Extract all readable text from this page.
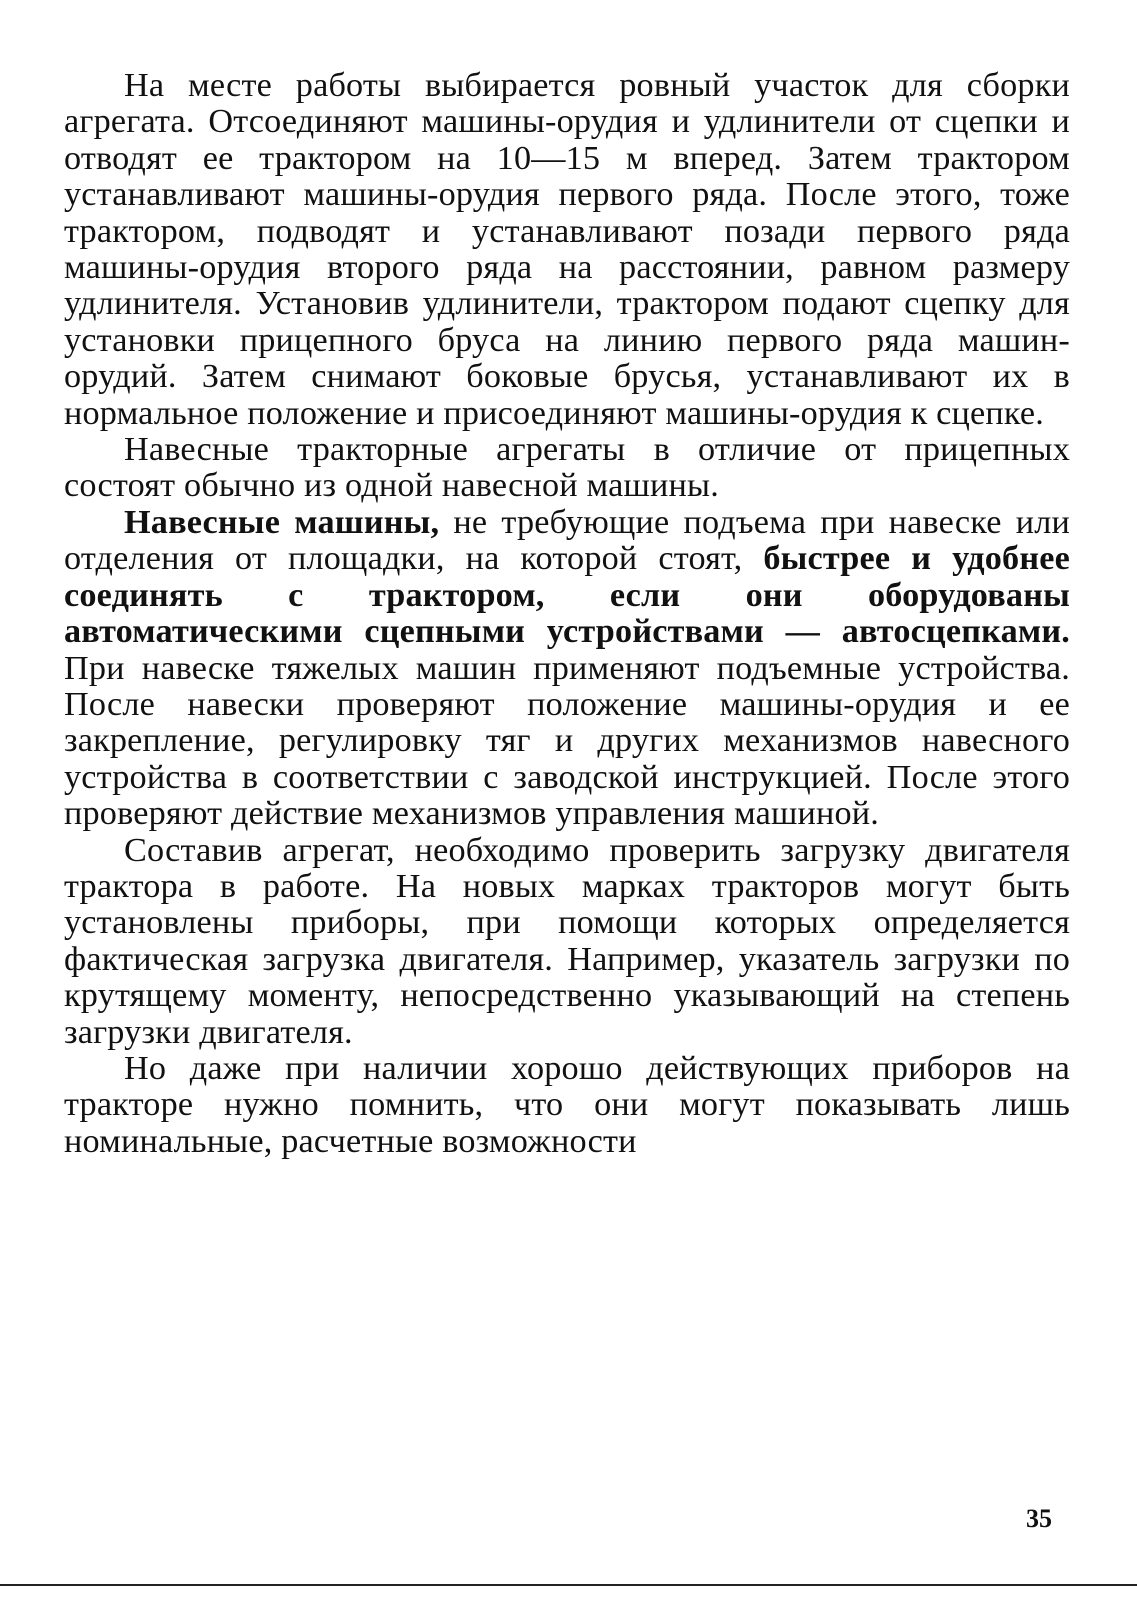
На месте работы выбирается ровный участок для сборки агрегата. Отсоединяют машины-орудия и удлинители от сцепки и отводят ее трактором на 10—15 м вперед. Затем трактором устанавливают машины-орудия первого ряда. После этого, тоже трактором, подводят и устанавливают позади первого ряда машины-орудия второго ряда на расстоянии, равном размеру удлинителя. Установив удлинители, трактором подают сцепку для установки прицепного бруса на линию первого ряда машин-орудий. Затем снимают боковые брусья, устанавливают их в нормальное положение и присоединяют машины-орудия к сцепке.

Навесные тракторные агрегаты в отличие от прицепных состоят обычно из одной навесной машины.

Навесные машины, не требующие подъема при навеске или отделения от площадки, на которой стоят, быстрее и удобнее соединять с трактором, если они оборудованы автоматическими сцепными устройствами — автосцепками. При навеске тяжелых машин применяют подъемные устройства. После навески проверяют положение машины-орудия и ее закрепление, регулировку тяг и других механизмов навесного устройства в соответствии с заводской инструкцией. После этого проверяют действие механизмов управления машиной.

Составив агрегат, необходимо проверить загрузку двигателя трактора в работе. На новых марках тракторов могут быть установлены приборы, при помощи которых определяется фактическая загрузка двигателя. Например, указатель загрузки по крутящему моменту, непосредственно указывающий на степень загрузки двигателя.

Но даже при наличии хорошо действующих приборов на тракторе нужно помнить, что они могут показывать лишь номинальные, расчетные возможности

35
